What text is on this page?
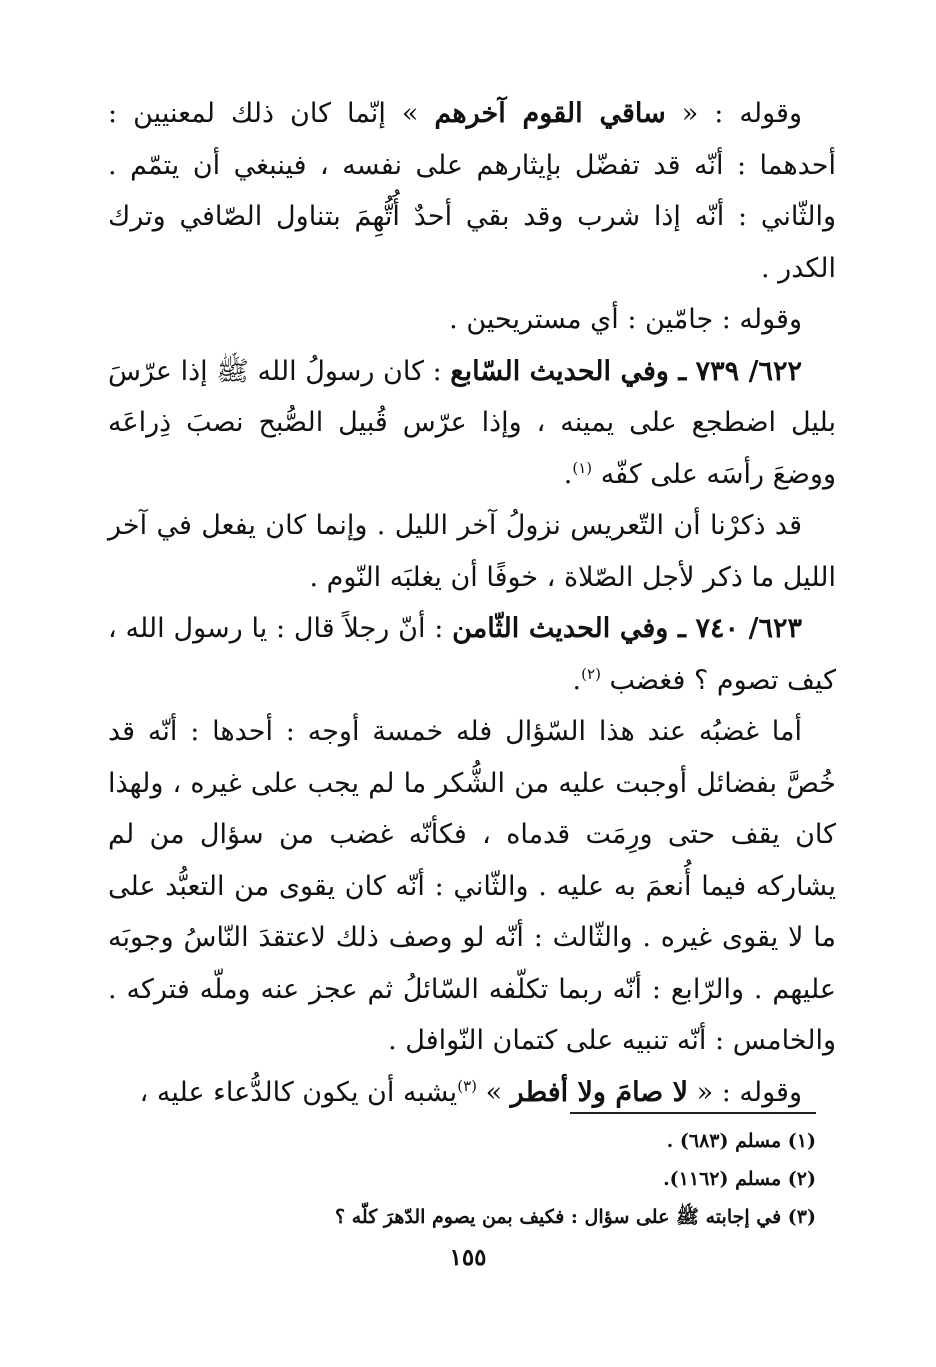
وقوله : « ساقي القوم آخرهم » إنّما كان ذلك لمعنيين : أحدهما : أنّه قد تفضّل بإيثارهم على نفسه ، فينبغي أن يتمّم . والثّاني : أنّه إذا شرب وقد بقي أحدٌ أُتُّهِمَ بتناول الصّافي وترك الكدر .

وقوله : جامّين : أي مستريحين .

٦٢٢/ ٧٣٩ ـ وفي الحديث السّابع : كان رسولُ الله ﷺ إذا عرّسَ بليل اضطجع على يمينه ، وإذا عرّس قُبيل الصُّبح نصبَ ذِراعَه ووضعَ رأسَه على كفّه $^{(١)}$.

قد ذكرْنا أن التّعريس نزولُ آخر الليل . وإنما كان يفعل في آخر الليل ما ذكر لأجل الصّلاة ، خوفًا أن يغلبَه النّوم .

٦٢٣/ ٧٤٠ ـ وفي الحديث الثّامن : أنّ رجلاً قال : يا رسول الله ، كيف تصوم ؟ فغضب $^{(٢)}$.

أما غضبُه عند هذا السّؤال فله خمسة أوجه : أحدها : أنّه قد خُصَّ بفضائل أوجبت عليه من الشُّكر ما لم يجب على غيره ، ولهذا كان يقف حتى ورِمَت قدماه ، فكأنّه غضب من سؤال من لم يشاركه فيما أُنعمَ به عليه . والثّاني : أنّه كان يقوى من التعبُّد على ما لا يقوى غيره . والثّالث : أنّه لو وصف ذلك لاعتقدَ النّاسُ وجوبَه عليهم . والرّابع : أنّه ربما تكلّفه السّائلُ ثم عجز عنه وملّه فتركه . والخامس : أنّه تنبيه على كتمان النّوافل .

وقوله : « لا صامَ ولا أفطر » $^{(٣)}$يشبه أن يكون كالدُّعاء عليه ،

(١) مسلم (٦٨٣) .

(٢) مسلم (١١٦٢).

(٣) في إجابته ﷺ على سؤال : فكيف بمن يصوم الدّهرَ كلّه ؟

١٥٥
